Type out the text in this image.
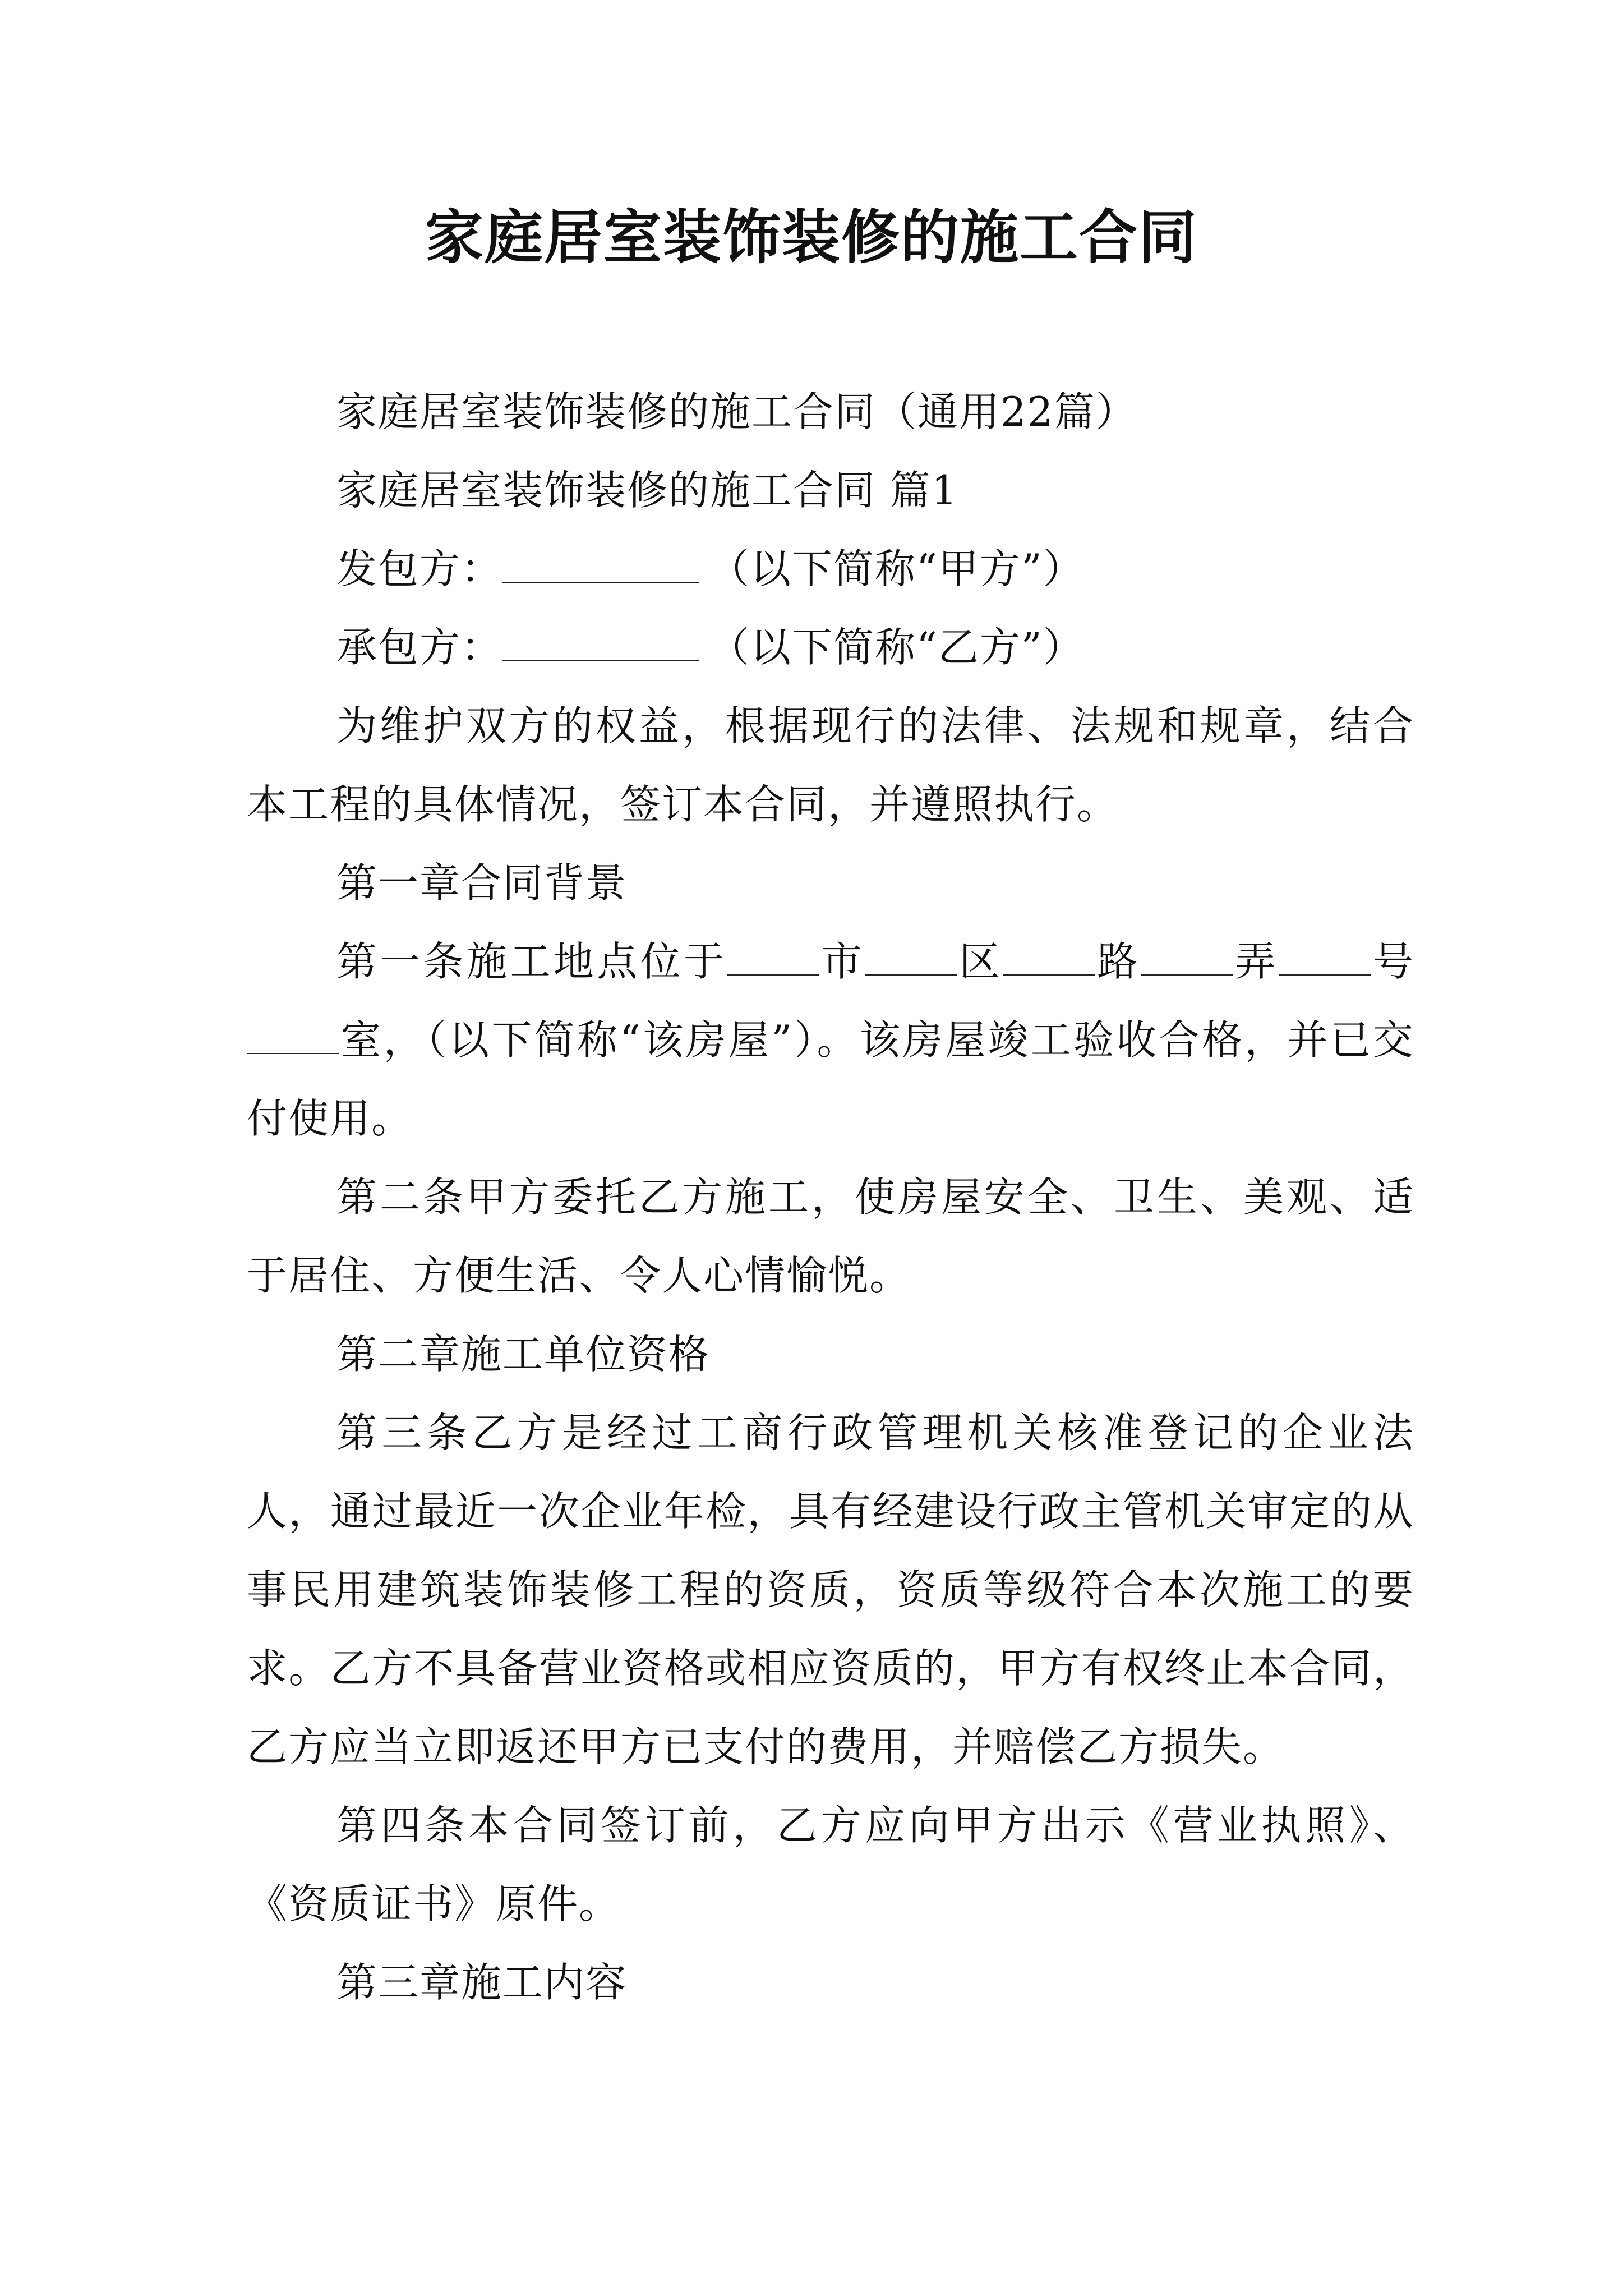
家庭居室装饰装修的施工合同

家庭居室装饰装修的施工合同（通用22篇）

家庭居室装饰装修的施工合同 篇1

发包方：	（以下简称“甲方”）

承包方：	（以下简称“乙方”）

为维护双方的权益，根据现行的法律、法规和规章，结合本工程的具体情况，签订本合同，并遵照执行。

第一章合同背景

第一条施工地点位于 市 区 路 弄 号室，（以下简称“该房屋”）。该房屋竣工验收合格，并已交付使用。

第二条甲方委托乙方施工，使房屋安全、卫生、美观、适于居住、方便生活、令人心情愉悦。

第二章施工单位资格

第三条乙方是经过工商行政管理机关核准登记的企业法人，通过最近一次企业年检，具有经建设行政主管机关审定的从事民用建筑装饰装修工程的资质，资质等级符合本次施工的要求。乙方不具备营业资格或相应资质的，甲方有权终止本合同，乙方应当立即返还甲方已支付的费用，并赔偿乙方损失。

第四条本合同签订前，乙方应向甲方出示《营业执照》、《资质证书》原件。

第三章施工内容
